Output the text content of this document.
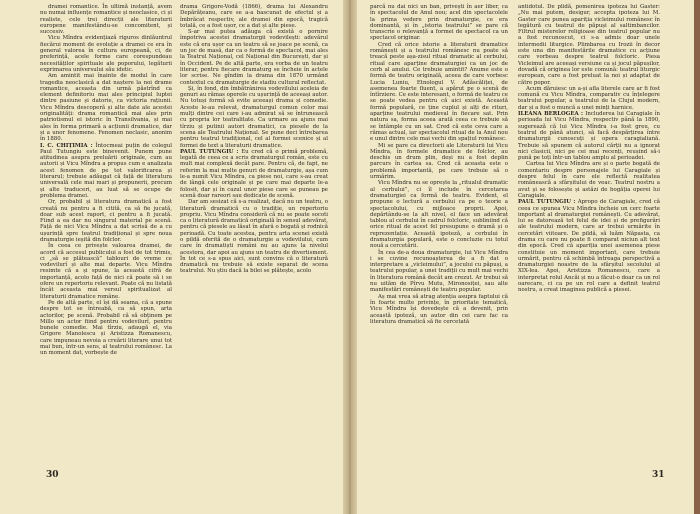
dramei romantice. În ultimă instanță, avem nu numai influențe romantice și neoclasice, ci și realiste, cele trei direcții ale literaturii europene manifestându-se concomitent, și succesiv.

Vicu Mîndra evidențiază riguros dinlăuntrul fiecărui moment de evoluție a dramei ce era în general valorea în cultura europeană, ci, de preferință, acele forme care corespundeau necesităților spirituale ale poporului, legăturii exprimarea universului său idetic.

Am amintit mai înainte de modul în care tragedia neoclasică a dat naștere la noi drame romantice, aceasta din urmă păstrînd ca element definitoriu mai ales principiul luptei dintre pasiune și datorie, ca victoria rațiunii. Vicu Mîndra descoperă și alte date ale acestei originalități: drama romantică mai ales prin patriotismul ei istoric în Transilvania, și mai ales în forma primară a acțiunii dramatice, dar și a unor fenomene. Fenomen neclasic, anonim în 1880.

I. C. CHIȚIMIA : Întocmeai puțin de colegul Paul Tutungiu este binevenit. Punem pune atitudinea asupra preluării originale, cum au autorii și Vicu Mîndra a propus cum e analizata acest fenomen de pe tot valorificarea și literarul; trebuie adăugat că față de literatura universală cele mai mari și propunerii, precum și alte traduceri, au luat să se ocupe de problema dramei.

Or, probabil și literatura dramatică a fost creată nu pentru a fi citită, ca să fie jucată, doar sub acest raport, ci pentru a fi jucată. Fiind a ea dar nu singurul material pe scenă. Față de nici Vicu Mîndra a dat scrisă de a cu ușurință spre teatrul tradițional și spre noua dramaturgie ieșită din folclor.

În ceea ce privește valoarea dramei, de acord că accesul publicului a fost de tot trimis, ci „să se plătească” tablouri de vreme ce vodevilurî și alte mai departe. Vicu Mîndra resimte că a și spune, la această cifră de importanță, acolo față de nici că poate să i se ofere un repertoriu relevant. Poate că nu listată încât aceasta mai versul spiritualizat al literaturii dramatice române.

Pe de altă parte, el își dă seama, că a spune despre tot se întreabă, ca să spun, arta actorilor, pe scenă. Probabil că să obținem pe Millo un actor fiind pentru vodevilurî, pentru bunele comedie. Mai tîrziu, adaugă el, via Grigore Manolescu și Aristizza Romanescu, care impuneau nevoia a creării literare unui tot mai bun, într-un sens, al teatrului românesc. La un moment dat, vorbește de

drama Grigore-Vodă (1866), drama lui Alexandru Depărățeanu, care se a-a bascunat de efectul și a îmbrăcat respectiv, ale dramei din epocă, tragică totală, ce a fost ușor, ce a dat și alte piese.

S-ar mai putea adăuga că există o pornire împotriva acestei dramaturgii vodevilești: adevărul este că era ușor ca un teatru să se joace pe scenă, ca un joc de masă, dar ca o formă de spectacol, mai ales la Teatrul Național, cel Național din București, dar și în Occident. Pe de altă parte, era vorba de un teatru literar, pentru fiecare dramaturg se încheie în actele lor scrise. Ne gîndim la drama din 1870 urmând contextul cu dramaturgie de stadiu cultural reflectat.

Și, în fond, din îmbătrânirea vodevilului aceleia de genuri au rămas operele cu ușurință de aceeași autor. Nu totuși formă să evite aceeași drama și comedie. Aceste le-au relevat, dramaturgul comun celor mai mulți dintre cei care i-au admirat să se întrunească cu propria lor teatralitate. Ca urmare au ajuns mai tîrziu și putinii autori dramatici, ca piesele de la scena ale Teatrului Național. Se pune deci întrebarea pentru teatrul tradițional, cel al formei scenice și al formei de text a literaturii dramatice.

PAUL TUTUNGIU : Eu cred că o primă problemă, legată de ceea ce a scris dramaturgul român, este cu mult mai complexă decât pare. Pentru că, de fapt, ne referim la mai multe genuri de dramaturgie, așa cum le-a numit Vicu Mîndra, ca piese noi, care s-au creat de lângă cele originale și pe care mai departe le-a folosit, dar și în cazul unor piese care se puneau pe scenă doar rareori sau dedicate de scenă.

Dar am sesizat că s-a realizat, dacă nu un teatru, o literatură dramatică cu o tradiție, un repertoriu propriu. Vicu Mîndra consideră că nu se poate socoti ca o literatură dramatică originală în sensul adevărat, pentru că piesele au lăsat în afară o bogată și rodnică perioadă. Cu toate acestea, pentru arta scenei există o pildă oferită de o dramaturgie a vodevilului, cum care în dramatiști români nu au ajuns la nivelul acestora, dar apoi au ajuns un teatru de divertisment. În tot ce s-a spus aici, sunt convins că o literatură dramatică nu trebuie să existe separat de scena teatrului. Nu știu dacă la bilei se plătește, acolo

30	31

parcă nu dai nici un ban, privești în aer liber, ca în spectacolul de Anul nou; acel din spectacolele la prima vedere prin dramaturgie, ce era dominantă, și în „istoria teatrului” se pare că transcrie o relevanță a formei de spectacol ca un spectacol originar.

Cred că orice istorie a literaturii dramatice românești și a teatrului românesc nu poate să treacă peste așa-zisul ritual dramatic al cerbului, ritual care aparține dramaturgiei ca un joc de cerb al anului. Ce trebuie amintit? Anume este o formă de teatru originală, aceea de care vorbesc Lucia Luniu, Etnologul V. Adăscăliței, de asemenea foarte fluent, a apărut pe o scenă de întîrziere. Ce este interesant, o formă de teatru ce se poate vedea pentru că aici există. Această formă populară, ce ține cuplul și alți de rituri, aparține teatrului medieval în fiecare sat. Prin natura sa, forma aceea arată ceea ce trebuie să se întâmple cu un sat. Cred că este ceva care a rămas actual, iar spectacolul ritual de la Anul nou e unul dintre cele mai vechi din spațiul românesc.

Mi se pare ca directorii ale Literaturii lui Vicu Mîndra, în formele dramatice de folclor, au deschis un drum plin, deși nu a fost deplin parcurs în cartea sa. Cred că aceasta este o problemă importantă, pe care trebuie să o urmărim.

Vicu Mîndra nu se oprește la „ritualul dramatic al cerbului”, ci îl include în cercetarea dramaturgiei ca formă de teatru. Evident, el propune o lectură a cerbului ca pe o teorie a spectacolului, cu mijloace proprii. Apoi, depărtându-se la alt nivel, el face un adevărat tablou al cerbului în cadrul folcloric, subliniind că orice ritual de acest fel presupune o dramă și o reprezentație. Această ipoteză, a cerbului în dramaturgia populară, este o concluzie cu totul nouă a cercetării.

În cea de-a doua dramaturgie, lui Vicu Mîndra i se cuvine recunoașterea de a fi dat o interpretare a „vicleimului”, a jocului cu păpuși, a teatrului popular, a unei tradiții cu mult mai vechi în literatura română decât am crezut. Ar trebui să nu uităm de Pîrvu Mutu, Mironosiței, sau alte manifestări românești de teatru popular.

Aș mai vrea să atrag atenția asupra faptului că în foarte multe privințe, în prioritate tematică, Vicu Mîndra își dovedește că a devenit, prin această ipoteză, un autor din cei care fac ca literatura dramatică să fie cercetată

antidotul. De plidă, pomenirea ipoteza lui Gaster: „Nu mai putem, desigur, accepta ipoteza lui M. Gaster care punea apariția vicleimului românesc în legătură cu teatrul de păpuși al saltimbancilor. Filtrul misterelor religioase din teatrul popular nu a fost recunoscut, ci s-a admis doar unele intermedii liturgice. Plimbarea cu Irozii în decor este una din manifestările dramatice cu acțiune care vorbeau despre teatrul folcloric. Piesa Vicleimul are aceeași versiune ca și jocul păpușilor, dovadă că originea lor este comună: teatrul liturgic european, care a fost preluat la noi și adaptat de către popor.

Acum dăruiesc un a-și afla literele care ar fi fost comună cu Vicu Mîndra, comparativ cu înțelegere teatrului popular, a teatrului de la Clujul modern, dar și a fost o muncă a unei minți harnice.

ILEANA BERLOGEA : Includerea lui Caragiale în perioada lui Vicu Mîndra, respectiv până la 1890, sugerează că lui Vicu Mîndra i-a fost greu, cu teatrul de până atunci, să facă despărțirea între dramaturgii cunoscuți și opera caragialiană. Trebuie să spunem că autorul cărții nu a ignorat nici clasicii, nici pe cei mai recenți, reușind să-i pună pe toți într-un tablou amplu al perioadei.

Cartea lui Vicu Mîndra are și o parte bogată de comentariu despre personajele lui Caragiale și despre felul în care ele reflectă realitatea românească a sfârșitului de veac. Teatrul nostru a avut și se folosește și astăzi de bogăția operei lui Caragiale.

PAUL TUTUNGIU : Apropo de Caragiale, cred că ceea ce spunea Vicu Mîndra încheie un cerc foarte important al dramaturgiei românești. Cu adevărat, lui se datorează tot felul de idei și de prefigurări ale teatrului modern, care ar trebui urmărite în cercetări viitoare. De pildă, să luăm Năpasta, ca drama cu care nu poate fi comparat niciun alt text din epocă. Cred că apariția unei asemenea piese constituie un moment important, care trebuie urmărit, pentru că schimbă întreaga perspectivă a dramaturgiei noastre de la sfârșitul secolului al XIX-lea. Apoi, Aristizza Romanescu, care a interpretat rolul Ancăi și nu a făcut-o doar ca un rol oarecare, ci ca pe un rol care a definit teatrul nostru, a creat imaginea publică a piesei.
